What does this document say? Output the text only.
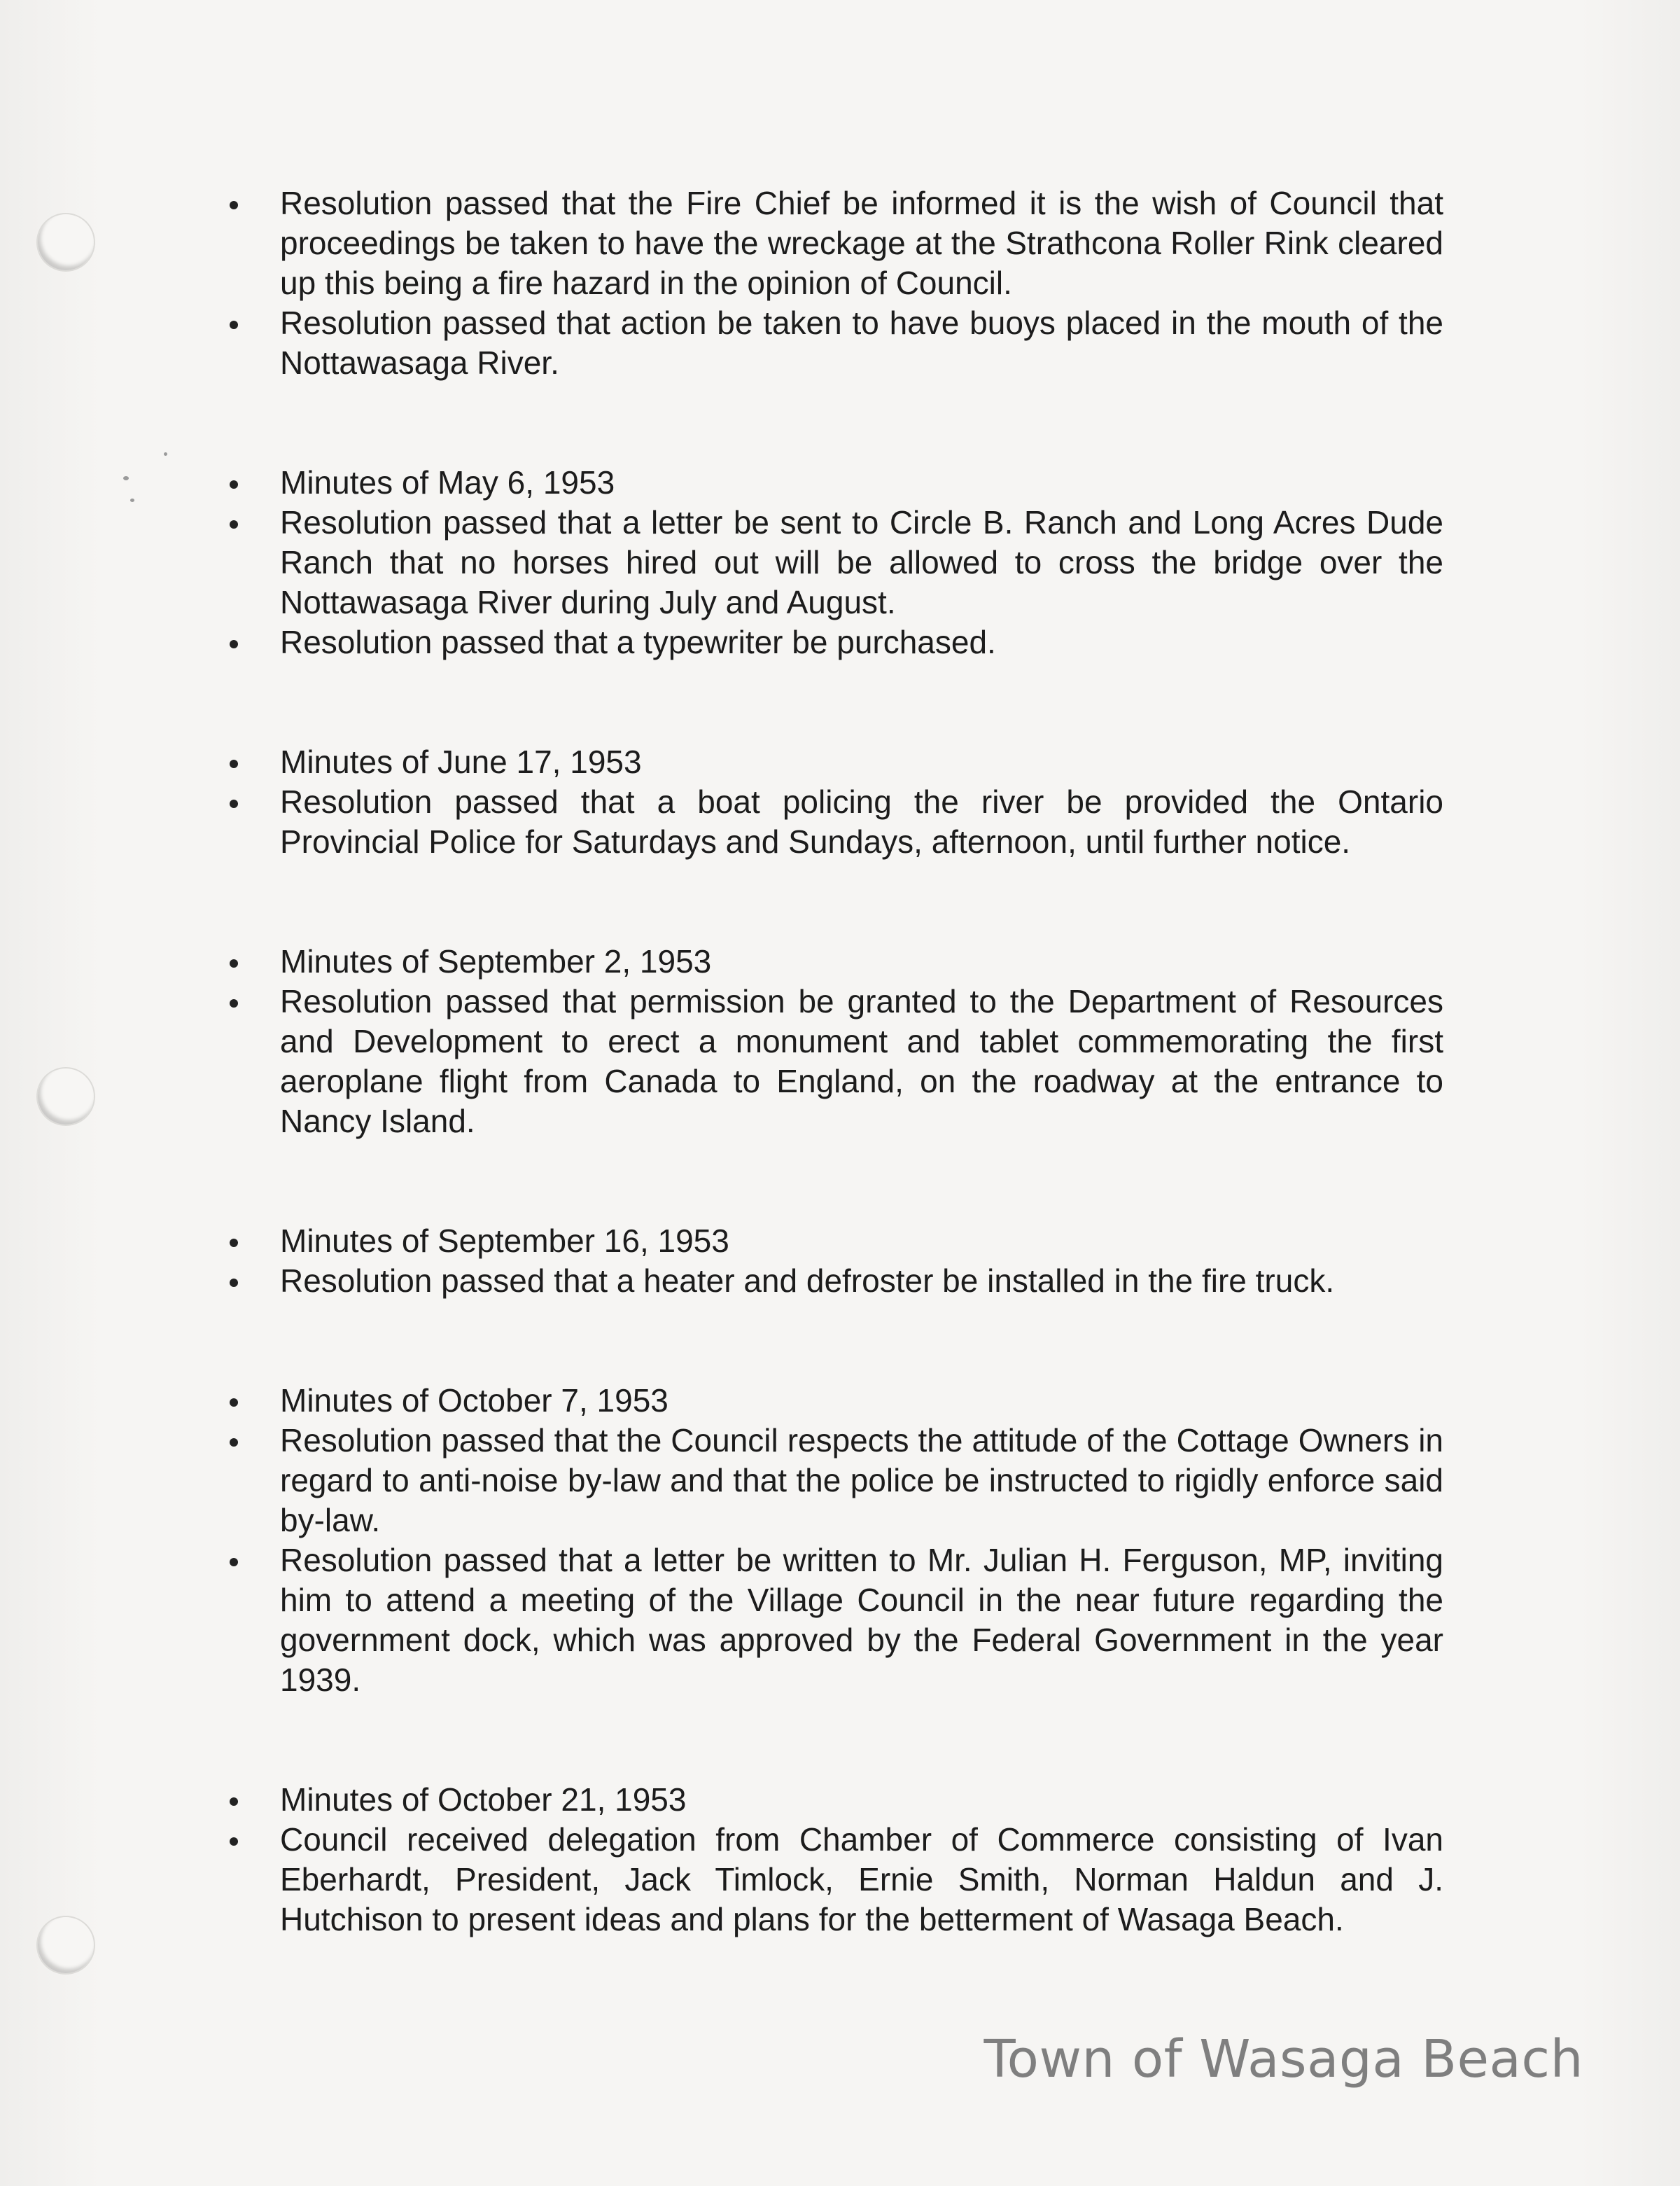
Resolution passed that the Fire Chief be informed it is the wish of Council that proceedings be taken to have the wreckage at the Strathcona Roller Rink cleared up this being a fire hazard in the opinion of Council.
Resolution passed that action be taken to have buoys placed in the mouth of the Nottawasaga River.
Minutes of May 6, 1953
Resolution passed that a letter be sent to Circle B. Ranch and Long Acres Dude Ranch that no horses hired out will be allowed to cross the bridge over the Nottawasaga River during July and August.
Resolution passed that a typewriter be purchased.
Minutes of June 17, 1953
Resolution passed that a boat policing the river be provided the Ontario Provincial Police for Saturdays and Sundays, afternoon, until further notice.
Minutes of September 2, 1953
Resolution passed that permission be granted to the Department of Resources and Development to erect a monument and tablet commemorating the first aeroplane flight from Canada to England, on the roadway at the entrance to Nancy Island.
Minutes of September 16, 1953
Resolution passed that a heater and defroster be installed in the fire truck.
Minutes of October 7, 1953
Resolution passed that the Council respects the attitude of the Cottage Owners in regard to anti-noise by-law and that the police be instructed to rigidly enforce said by-law.
Resolution passed that a letter be written to Mr. Julian H. Ferguson, MP, inviting him to attend a meeting of the Village Council in the near future regarding the government dock, which was approved by the Federal Government in the year 1939.
Minutes of October 21, 1953
Council received delegation from Chamber of Commerce consisting of Ivan Eberhardt, President, Jack Timlock, Ernie Smith, Norman Haldun and J. Hutchison to present ideas and plans for the betterment of Wasaga Beach.
Town of Wasaga Beach
